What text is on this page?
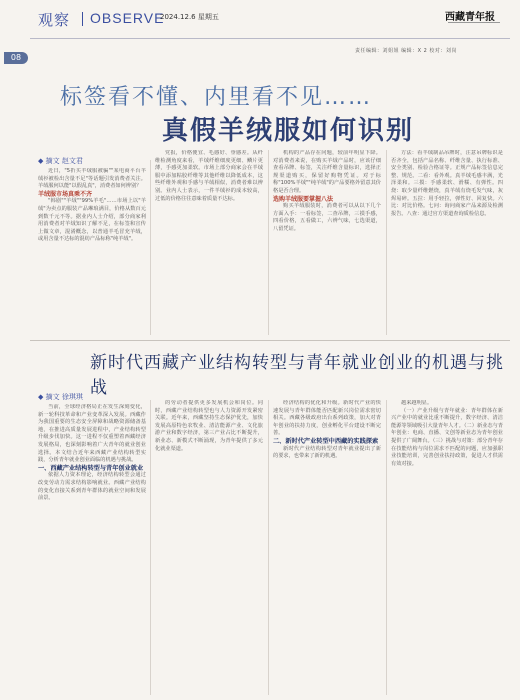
08
观察 OBSERVE
2024.12.6 星期五	西藏青年报
责任编辑：刘姐姐 编辑：X 2 校对：刘岗
标签看不懂、内里看不见……
真假羊绒服如何识别
◆ 摘文 赵文君

近日，"5折买羊绒服被骗""某电商平台羊绒衫被检出含量不足"等话题引发消费者关注。羊绒服何以能"以假乱真"，消费者如何辨别？

羊绒服市场真乘不齐

"韩剧""羊绒""99%羊毛"……市场上以"羊绒"为卖点的服装产品琳琅满目，价格从数百元到数千元不等。据业内人士介绍，部分商家利用消费者对羊绒知识了解不足，在标签和宣传上做文章，混淆概念，以普通羊毛冒充羊绒，或用含量不达标的混纺产品标称"纯羊绒"。

党报，价格便宜、毛感好、垂感差。从纤维检测角度来看，羊绒纤维细度更细、鳞片更薄，手感更加柔软。市场上部分商家会在羊绒服中添加粘胶纤维等其他纤维以降低成本，这些纤维外观和手感与羊绒相似，消费者难以辨别。业内人士表示，一件羊绒衫的成本较高，过低的价格往往意味着质量不达标。

机构的产品存在问题，较前年明显下降。对消费者来说，在购买羊绒产品时，应该仔细查看吊牌、标签，关注纤维含量标识，选择正规渠道购买，保留好购物凭证。对于标称"100%羊绒""纯羊绒"的产品要格外留意其价格是否合理。

选购羊绒服要掌握八法

购买羊绒服装时，消费者可以从以下几个方面入手：一看标签，二查吊牌，三摸手感，四看价格，五看做工，六辨气味，七选渠道，八留凭证。

方法：看羊绒制品吊牌时，注意吊牌标识是否齐全，包括产品名称、纤维含量、执行标准、安全类别、检验合格证等。正规产品标签信息完整、规范。二看：看外观。真羊绒毛感丰满，光泽柔和。三摸：手感柔软、滑糯、有弹性。四烧：取少量纤维燃烧，真羊绒有烧毛发气味，灰烬易碎。五拉：用手轻拉，弹性好、回复快。六比：对比价格。七问：询问商家产品来源及检测报告。八查：通过官方渠道查询质检信息。

新时代西藏产业结构转型与青年就业创业的机遇与挑战
◆ 摘文 徐琪琪

当前，全球经济格局正在发生深刻变化，新一轮科技革命和产业变革深入发展。西藏作为我国重要的生态安全屏障和战略资源储备基地，在推进高质量发展进程中，产业结构转型升级步伐加快。这一进程不仅重塑着西藏经济发展格局，也深刻影响着广大青年的就业创业选择。本文结合近年来西藏产业结构转型实践，分析青年就业创业面临的机遇与挑战。

一、西藏产业结构转型与青年创业就业

依据人力资本理论，经济结构转型会通过改变劳动力需求结构影响就业。西藏产业结构的变化直接关系到青年群体的就业空间和发展前景。

的劳动者提供更多发展机会和岗位。同时，西藏产业结构转型也与人力资源开发紧密关联。近年来，西藏坚持生态保护优先，加快发展高原特色农牧业、清洁能源产业、文化旅游产业和数字经济，第三产业占比不断提升，新业态、新模式不断涌现，为青年提供了多元化就业渠道。

经济结构的优化和升级。新时代产业的快速发展与青年群体能否匹配新兴岗位需求密切相关。西藏各级政府出台系列政策，加大对青年创业的扶持力度，创业孵化平台建设不断完善。

二、新时代产业转型中西藏的实践探索

新时代产业结构转型对青年就业提出了新的要求，也带来了新的机遇。

越来越明显。

（一）产业升级与青年就业：青年群体在新兴产业中的就业比重不断提升，数字经济、清洁能源等领域吸引大量青年人才。（二）新业态与青年创业：电商、直播、文创等新业态为青年创业提供了广阔舞台。（三）挑战与对策：部分青年存在技能结构与岗位需求不匹配的问题，应加强职业技能培训，完善创业扶持政策，促进人才供需有效对接。
